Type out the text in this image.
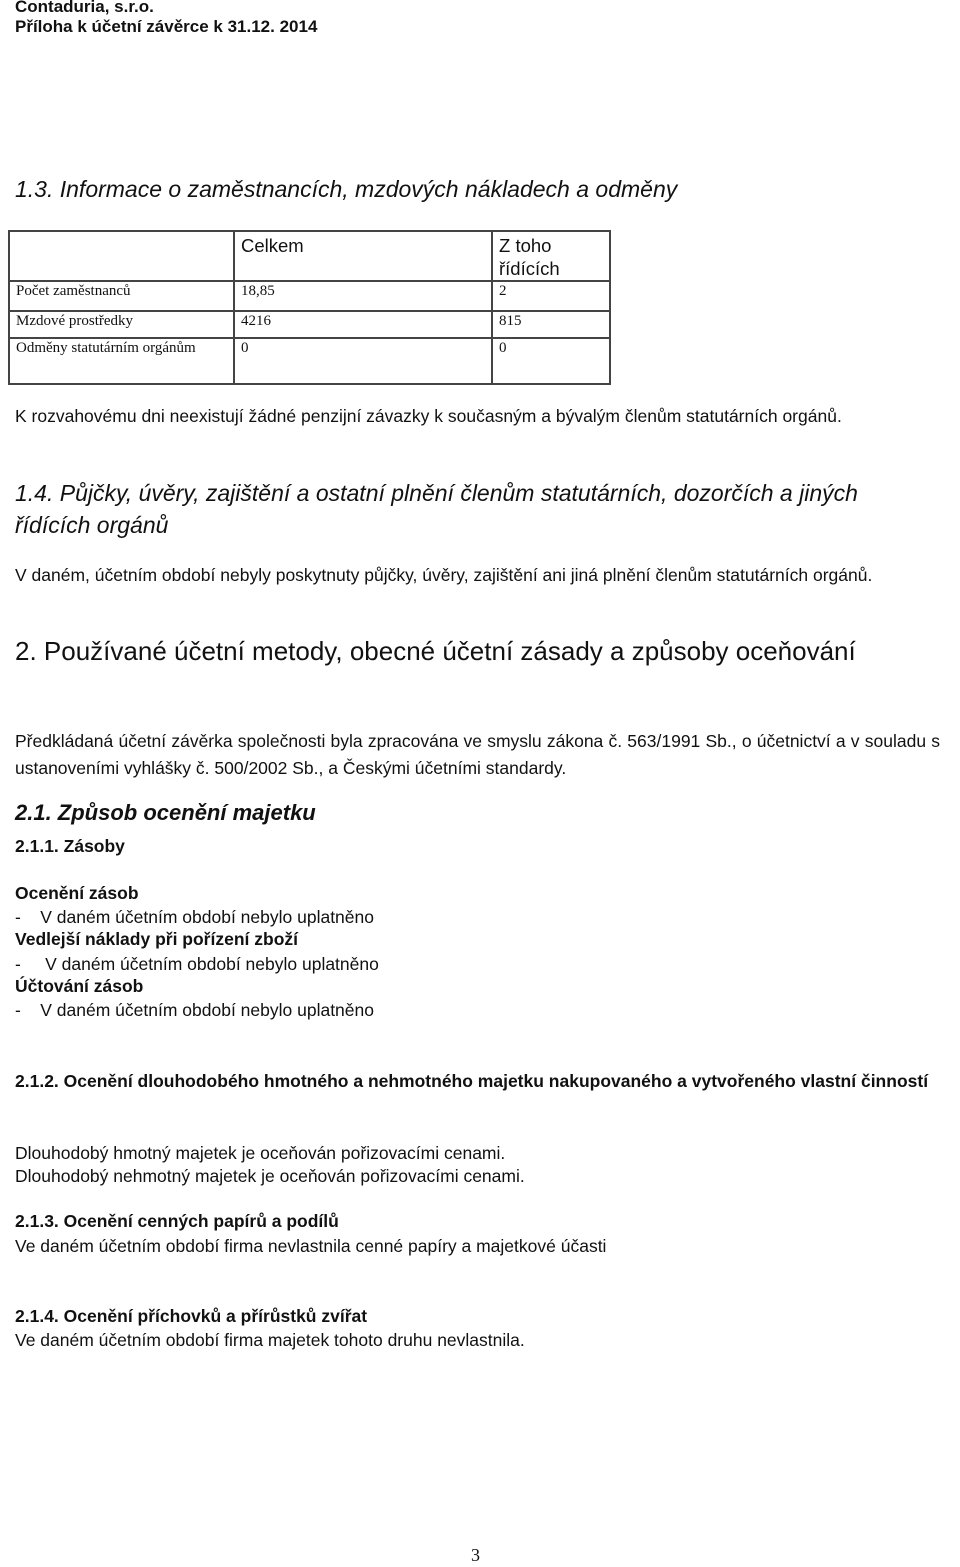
Contaduria, s.r.o.
Příloha k účetní závěrce k 31.12. 2014
1.3. Informace o zaměstnancích, mzdových nákladech a odměny
	Celkem	Z toho řídících
Počet zaměstnanců	18,85	2
Mzdové prostředky	4216	815
Odměny statutárním orgánům	0	0
K rozvahovému dni neexistují žádné penzijní závazky k současným a bývalým členům statutárních orgánů.
1.4. Půjčky, úvěry, zajištění a ostatní plnění členům statutárních, dozorčích a jiných řídících orgánů
V daném, účetním období nebyly poskytnuty půjčky, úvěry, zajištění ani jiná plnění členům statutárních orgánů.
2. Používané účetní metody, obecné účetní zásady a způsoby oceňování
Předkládaná účetní závěrka společnosti byla zpracována ve smyslu zákona č. 563/1991 Sb., o účetnictví a v souladu s ustanoveními vyhlášky č. 500/2002 Sb., a Českými účetními standardy.
2.1. Způsob ocenění majetku
2.1.1. Zásoby
Ocenění zásob
-    V daném účetním období nebylo uplatněno
Vedlejší náklady při pořízení zboží
-     V daném účetním období nebylo uplatněno
Účtování zásob
-    V daném účetním období nebylo uplatněno
2.1.2. Ocenění dlouhodobého hmotného a nehmotného majetku nakupovaného a vytvořeného vlastní činností
Dlouhodobý hmotný majetek je oceňován pořizovacími cenami.
Dlouhodobý nehmotný majetek je oceňován pořizovacími cenami.
2.1.3. Ocenění cenných papírů a podílů
Ve daném účetním období firma nevlastnila cenné papíry a majetkové účasti
2.1.4. Ocenění příchovků a přírůstků zvířat
Ve daném účetním období firma majetek tohoto druhu nevlastnila.
3
